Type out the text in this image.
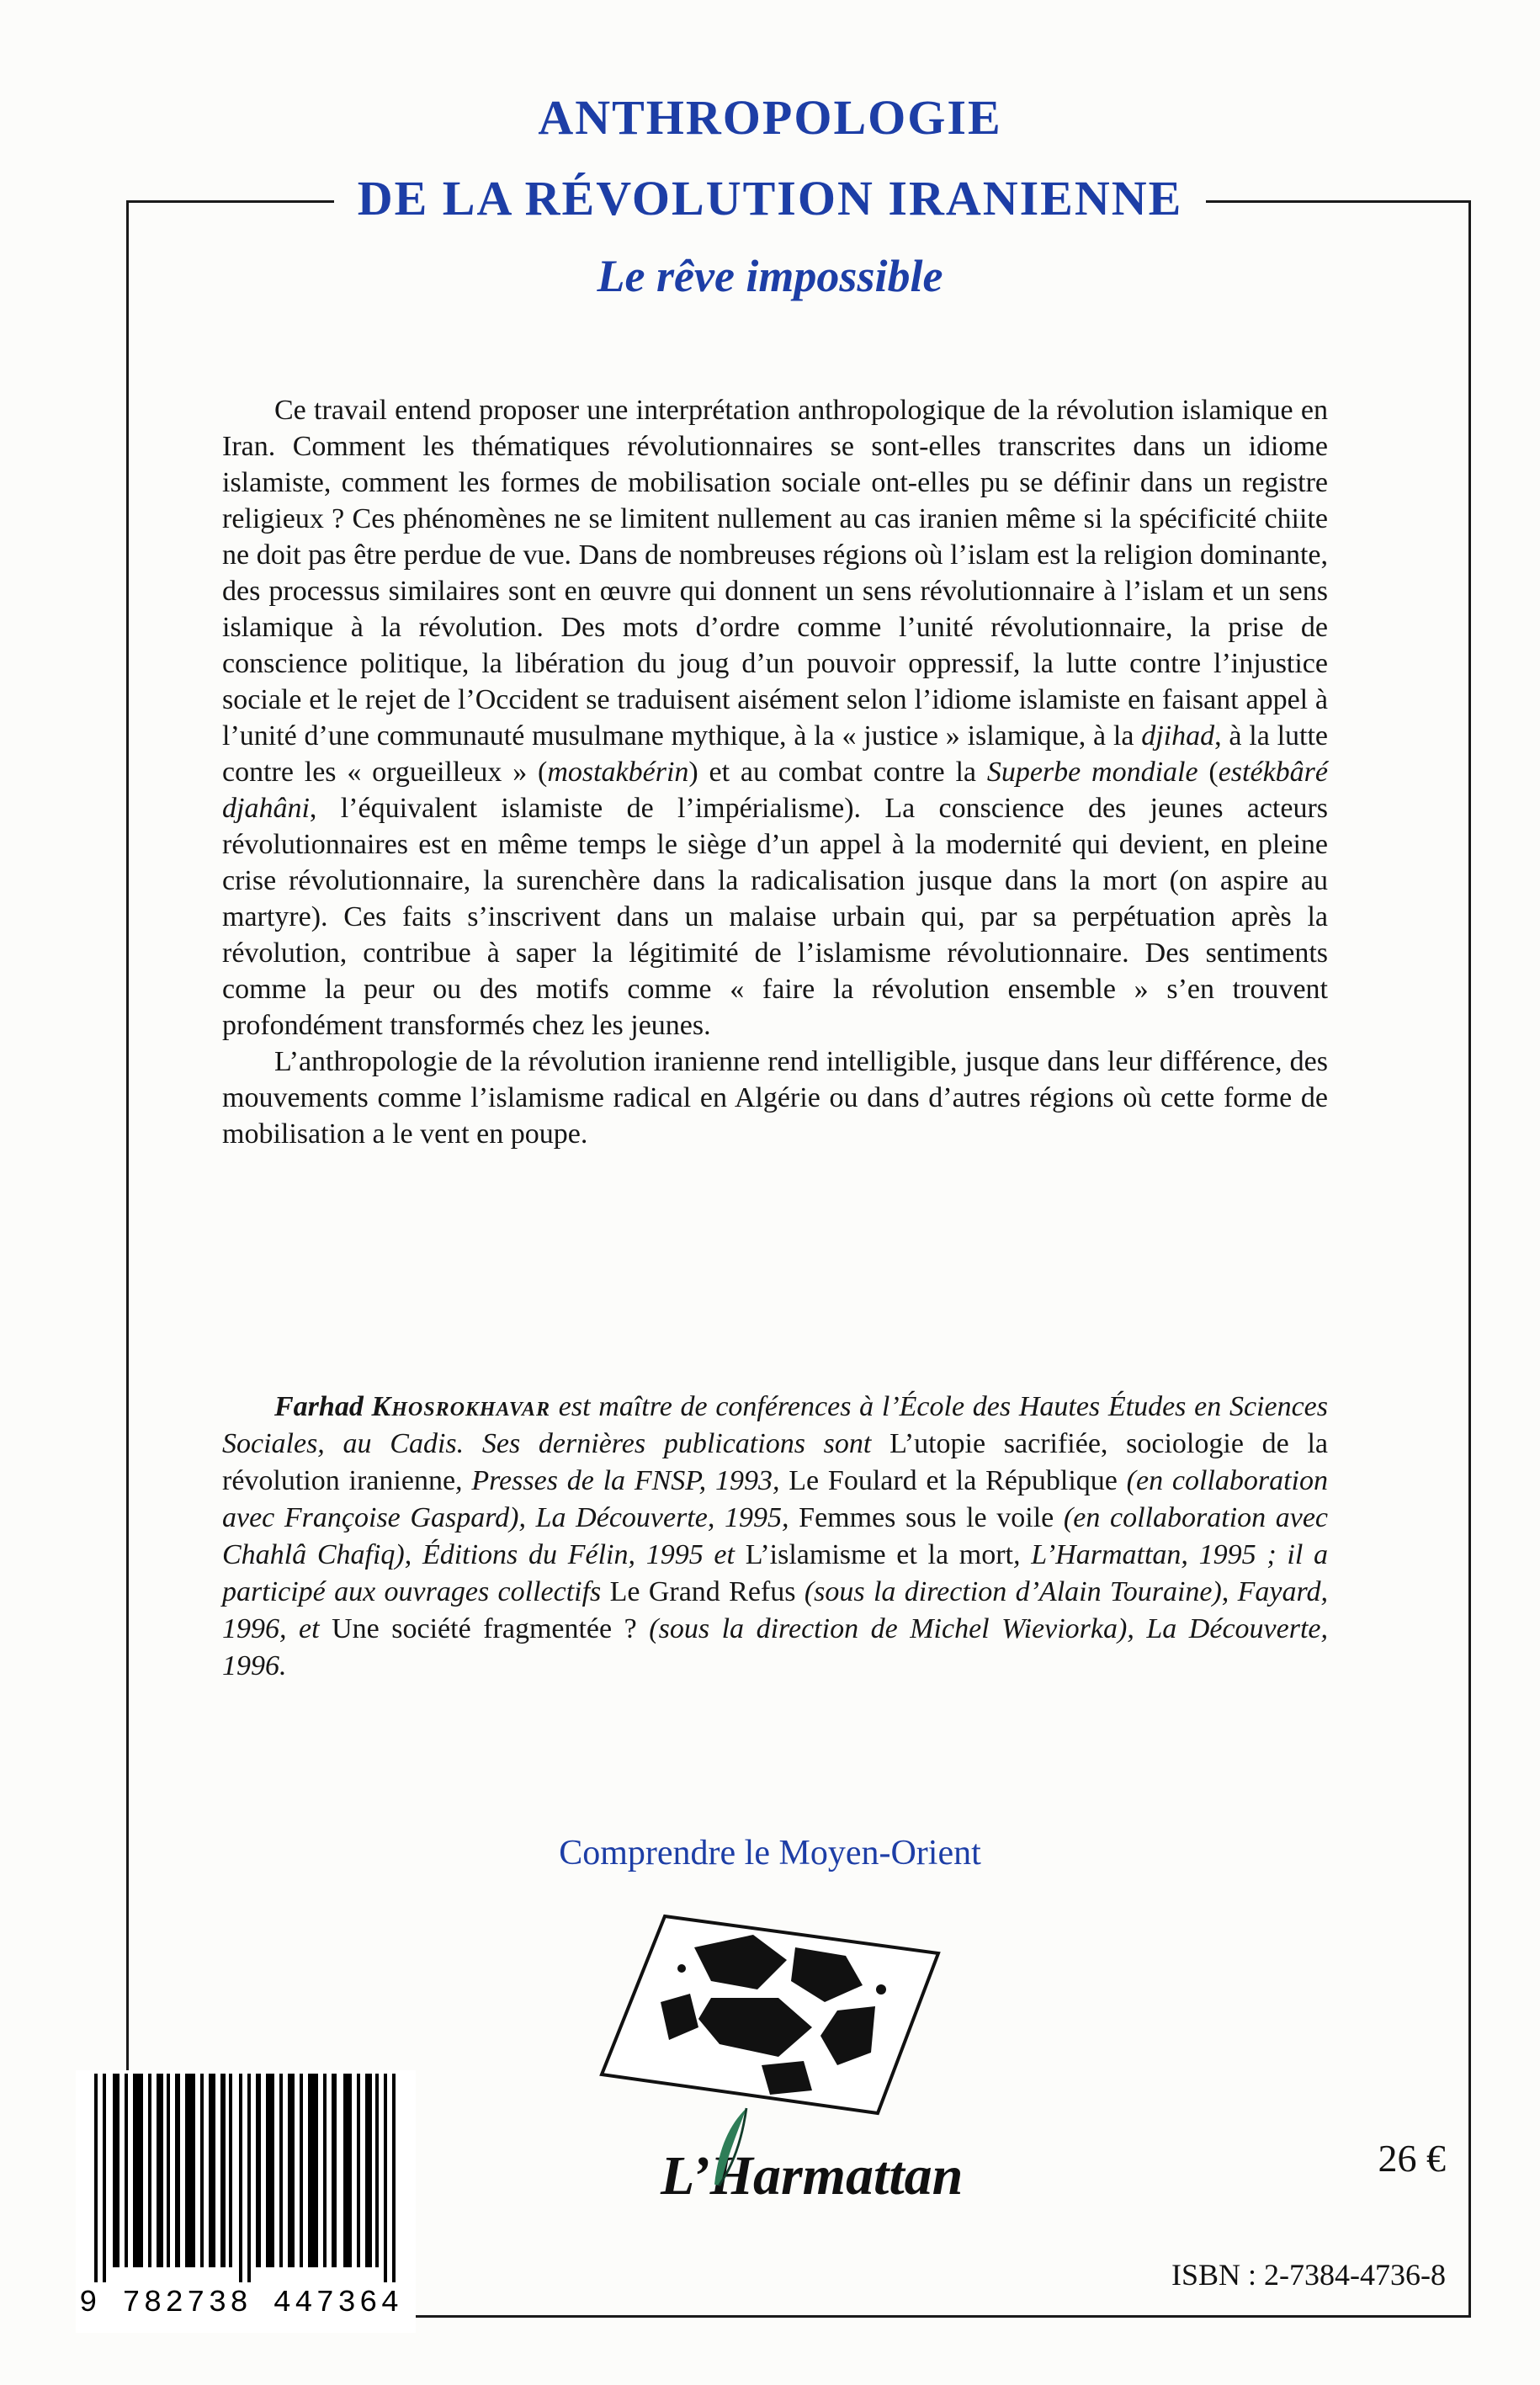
ANTHROPOLOGIE
DE LA RÉVOLUTION IRANIENNE
Le rêve impossible

Ce travail entend proposer une interprétation anthropologique de la révolution islamique en Iran. Comment les thématiques révolutionnaires se sont-elles transcrites dans un idiome islamiste, comment les formes de mobilisation sociale ont-elles pu se définir dans un registre religieux ? Ces phénomènes ne se limitent nullement au cas iranien même si la spécificité chiite ne doit pas être perdue de vue. Dans de nombreuses régions où l’islam est la religion dominante, des processus similaires sont en œuvre qui donnent un sens révolutionnaire à l’islam et un sens islamique à la révolution. Des mots d’ordre comme l’unité révolutionnaire, la prise de conscience politique, la libération du joug d’un pouvoir oppressif, la lutte contre l’injustice sociale et le rejet de l’Occident se traduisent aisément selon l’idiome islamiste en faisant appel à l’unité d’une communauté musulmane mythique, à la « justice » islamique, à la djihad, à la lutte contre les « orgueilleux » (mostakbérin) et au combat contre la Superbe mondiale (estékbâré djahâni, l’équivalent islamiste de l’impérialisme). La conscience des jeunes acteurs révolutionnaires est en même temps le siège d’un appel à la modernité qui devient, en pleine crise révolutionnaire, la surenchère dans la radicalisation jusque dans la mort (on aspire au martyre). Ces faits s’inscrivent dans un malaise urbain qui, par sa perpétuation après la révolution, contribue à saper la légitimité de l’islamisme révolutionnaire. Des sentiments comme la peur ou des motifs comme « faire la révolution ensemble » s’en trouvent profondément transformés chez les jeunes.

L’anthropologie de la révolution iranienne rend intelligible, jusque dans leur différence, des mouvements comme l’islamisme radical en Algérie ou dans d’autres régions où cette forme de mobilisation a le vent en poupe.

Farhad Khosrokhavar est maître de conférences à l’École des Hautes Études en Sciences Sociales, au Cadis. Ses dernières publications sont L’utopie sacrifiée, sociologie de la révolution iranienne, Presses de la FNSP, 1993, Le Foulard et la République (en collaboration avec Françoise Gaspard), La Découverte, 1995, Femmes sous le voile (en collaboration avec Chahlâ Chafiq), Éditions du Félin, 1995 et L’islamisme et la mort, L’Harmattan, 1995 ; il a participé aux ouvrages collectifs Le Grand Refus (sous la direction d’Alain Touraine), Fayard, 1996, et Une société fragmentée ? (sous la direction de Michel Wieviorka), La Découverte, 1996.

Comprendre le Moyen-Orient
9 782738 447364
L’Harmattan	26 €
ISBN : 2-7384-4736-8
